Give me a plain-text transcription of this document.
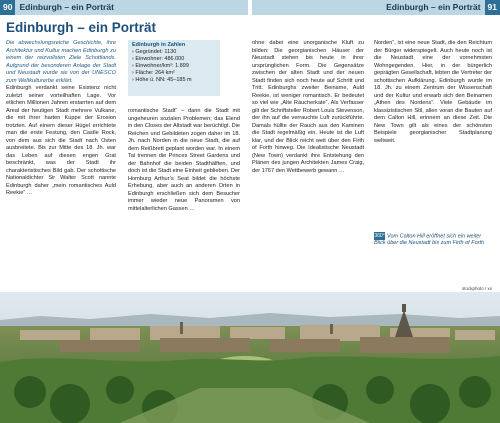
90 Edinburgh – ein Porträt	Edinburgh – ein Porträt 91
Edinburgh – ein Porträt

Die abwechslungsreiche Geschichte, ihre Architektur und Kultur machen Edinburgh zu einem der reizvollsten Ziele Schottlands. Aufgrund der besonderen Anlage der Stadt und Neustadt wurde sie von der UNESCO zum Weltkulturerbe erklärt.

Edinburgh verdankt seine Existenz nicht zuletzt seiner vorteilhaften Lage. Vor etlichen Millionen Jahren erstarrten auf dem Areal der heutigen Stadt mehrere Vulkane, die mit ihrer harten Kuppe der Erosion trotzten. Auf einem dieser Hügel errichtete man die erste Festung, den Castle Rock, von dem aus sich die Stadt nach Osten ausbreitete. Bis zur Mitte des 18. Jh. war das Leben auf diesen engen Grat beschränkt, was der Stadt ihr charakteristisches Bild gab. Der schottische Nationaldichter Sir Walter Scott nannte Edinburgh daher „mein romantisches Auld Reekie“ …

Edinburgh in Zahlen
› Gegründet: 1130
› Einwohner: 486.000
› Einwohner/km²: 1.899
› Fläche: 264 km²
› Höhe ü. NN: 45–185 m

romantische Stadt“ – dann die Stadt mit ungeheuren sozialen Problemen; das Elend in den Closes der Altstadt war berüchtigt. Die Reichen und Gebildeten zogen daher im 18. Jh. nach Norden in die neue Stadt, die auf dem Reißbrett geplant worden war. In einem Tal trennen die Princes Street Gardens und der Bahnhof die beiden Stadthälften, und doch ist die Stadt eine Einheit geblieben. Der Homburg Arthur’s Seat bildet die höchste Erhebung, aber auch an anderen Orten in Edinburgh erschließen sich dem Besucher immer wieder neue Panoramen von mittelalterlichen Gassen …

ohne dabei eine unorganische Kluft zu bilden: Die georgianischen Häuser der Neustadt stehen bis heute in ihrer ursprünglichen Form. Die Gegensätze zwischen der alten Stadt und der neuen Stadt finden sich noch heute auf Schritt und Tritt. Edinburghs zweiter Beiname, Auld Reekie, ist weniger romantisch. Er bedeutet so viel wie „Alte Räucherkate“. Als Verfasser gilt der Schriftsteller Robert Louis Stevenson, der ihn auf die verrauchte Luft zurückführte. Damals hüllte der Rauch aus den Kaminen die Stadt regelmäßig ein. Heute ist die Luft klar, und der Blick reicht weit über den Firth of Forth hinweg. Die Idealistische Neustadt (New Town) verdankt ihre Entstehung den Plänen des jungen Architekten James Craig, der 1767 den Wettbewerb gewann …

Norden“, ist eine neue Stadt, die den Reichtum der Bürger widerspiegelt. Auch heute noch ist die Neustadt eine der vornehmsten Wohngegenden. Hier, in der bürgerlich geprägten Gesellschaft, lebten die Vertreter der schottischen Aufklärung. Edinburgh wurde im 18. Jh. zu einem Zentrum der Wissenschaft und der Kultur und erwarb sich den Beinamen „Athen des Nordens“. Viele Gebäude im klassizistischen Stil, allen voran die Bauten auf dem Calton Hill, erinnern an diese Zeit. Die New Town gilt als eines der schönsten Beispiele georgianischer Stadtplanung weltweit.

360° Vom Calton Hill eröffnet sich ein weiter Blick über die Neustadt bis zum Firth of Forth
stockphoto / xx
